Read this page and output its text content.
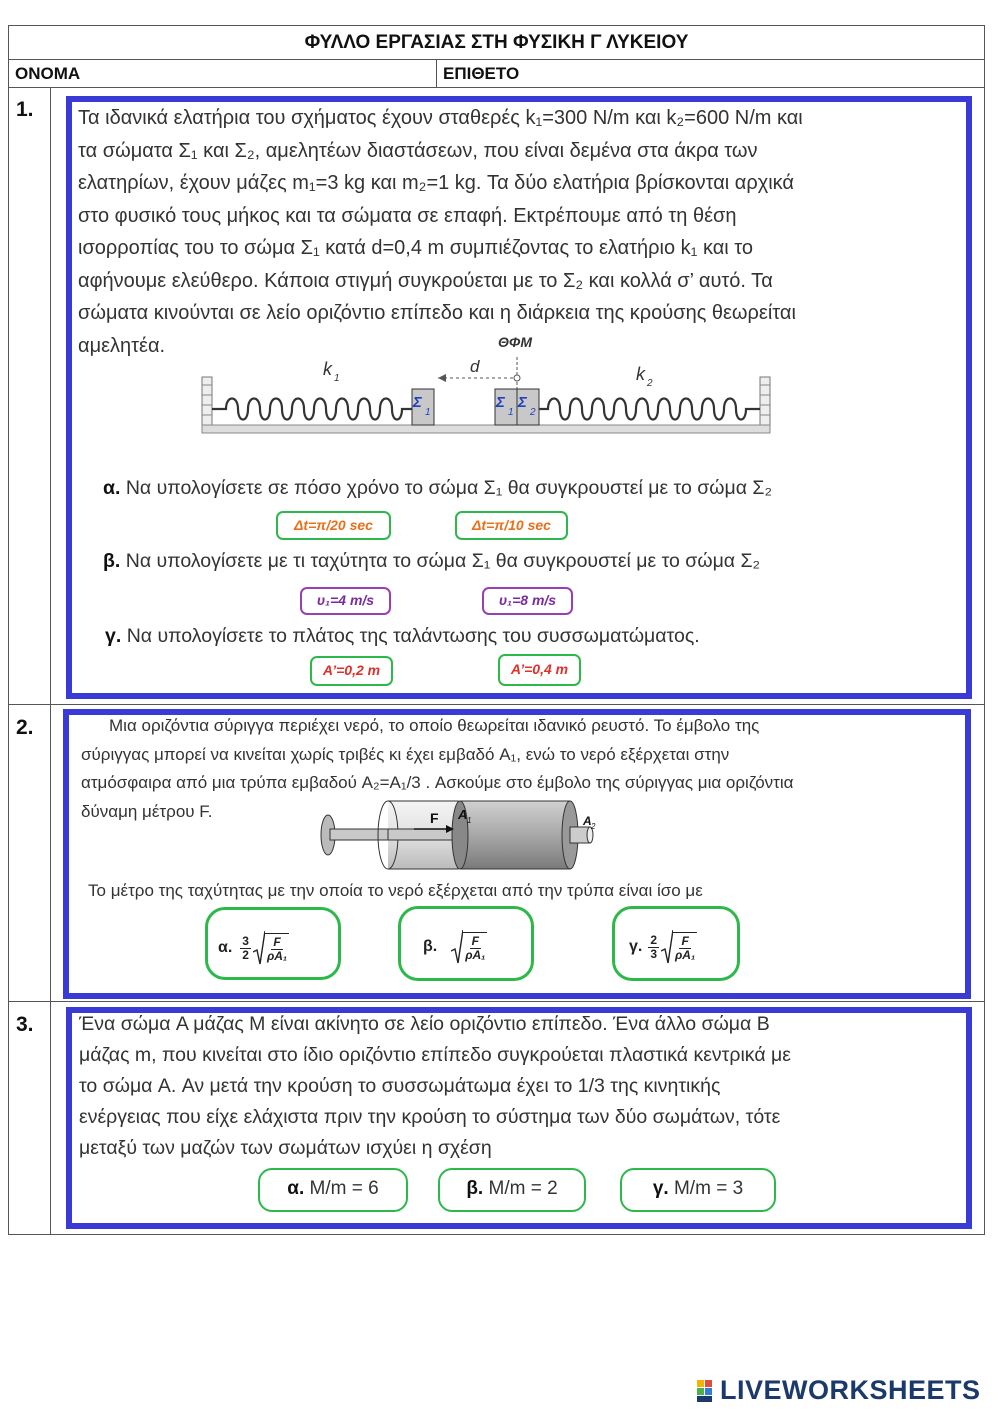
ΦΥΛΛΟ ΕΡΓΑΣΙΑΣ ΣΤΗ ΦΥΣΙΚΗ Γ ΛΥΚΕΙΟΥ
ΟΝΟΜΑ	ΕΠΙΘΕΤΟ
1. Τα ιδανικά ελατήρια του σχήματος έχουν σταθερές k₁=300 N/m και k₂=600 N/m και
τα σώματα Σ₁ και Σ₂, αμελητέων διαστάσεων, που είναι δεμένα στα άκρα των
ελατηρίων, έχουν μάζες m₁=3 kg και m₂=1 kg. Τα δύο ελατήρια βρίσκονται αρχικά
στο φυσικό τους μήκος και τα σώματα σε επαφή. Εκτρέπουμε από τη θέση
ισορροπίας του το σώμα Σ₁ κατά d=0,4 m συμπιέζοντας το ελατήριο k₁ και το
αφήνουμε ελεύθερο. Κάποια στιγμή συγκρούεται με το Σ₂ και κολλά σ’ αυτό. Τα
σώματα κινούνται σε λείο οριζόντιο επίπεδο και η διάρκεια της κρούσης θεωρείται
αμελητέα.
Σ
1
d
ΘΦΜ
Σ
1
Σ
2
k 1	k 2
α. Να υπολογίσετε σε πόσο χρόνο το σώμα Σ₁ θα συγκρουστεί με το σώμα Σ₂
Δt=π/20 sec	Δt=π/10 sec
β. Να υπολογίσετε με τι ταχύτητα το σώμα Σ₁ θα συγκρουστεί με το σώμα Σ₂
υ₁=4 m/s	υ₁=8 m/s
γ. Να υπολογίσετε το πλάτος της ταλάντωσης του συσσωματώματος.
A’=0,2 m	A’=0,4 m
2.	Μια οριζόντια σύριγγα περιέχει νερό, το οποίο θεωρείται ιδανικό ρευστό. Το έμβολο της
σύριγγας μπορεί να κινείται χωρίς τριβές κι έχει εμβαδό A₁, ενώ το νερό εξέρχεται στην
ατμόσφαιρα από μια τρύπα εμβαδού A₂=A₁/3 . Ασκούμε στο έμβολο της σύριγγας μια οριζόντια
δύναμη μέτρου F.	F A 1	A 2
Το μέτρο της ταχύτητας με την οποία το νερό εξέρχεται από την τρύπα είναι ίσο με
α. $\frac{3}{2} \frac{F}{\text{ρA₁}}$	β. $\frac{F}{\text{ρA₁}}$	γ. $\frac{2}{3} \frac{F}{\text{ρA₁}}$
3. Ένα σώμα A μάζας M είναι ακίνητο σε λείο οριζόντιο επίπεδο. Ένα άλλο σώμα B
μάζας m, που κινείται στο ίδιο οριζόντιο επίπεδο συγκρούεται πλαστικά κεντρικά με
το σώμα A. Αν μετά την κρούση το συσσωμάτωμα έχει το 1/3 της κινητικής
ενέργειας που είχε ελάχιστα πριν την κρούση το σύστημα των δύο σωμάτων, τότε
μεταξύ των μαζών των σωμάτων ισχύει η σχέση
α. M/m = 6	β. M/m = 2	γ. M/m = 3
LIVEWORKSHEETS
